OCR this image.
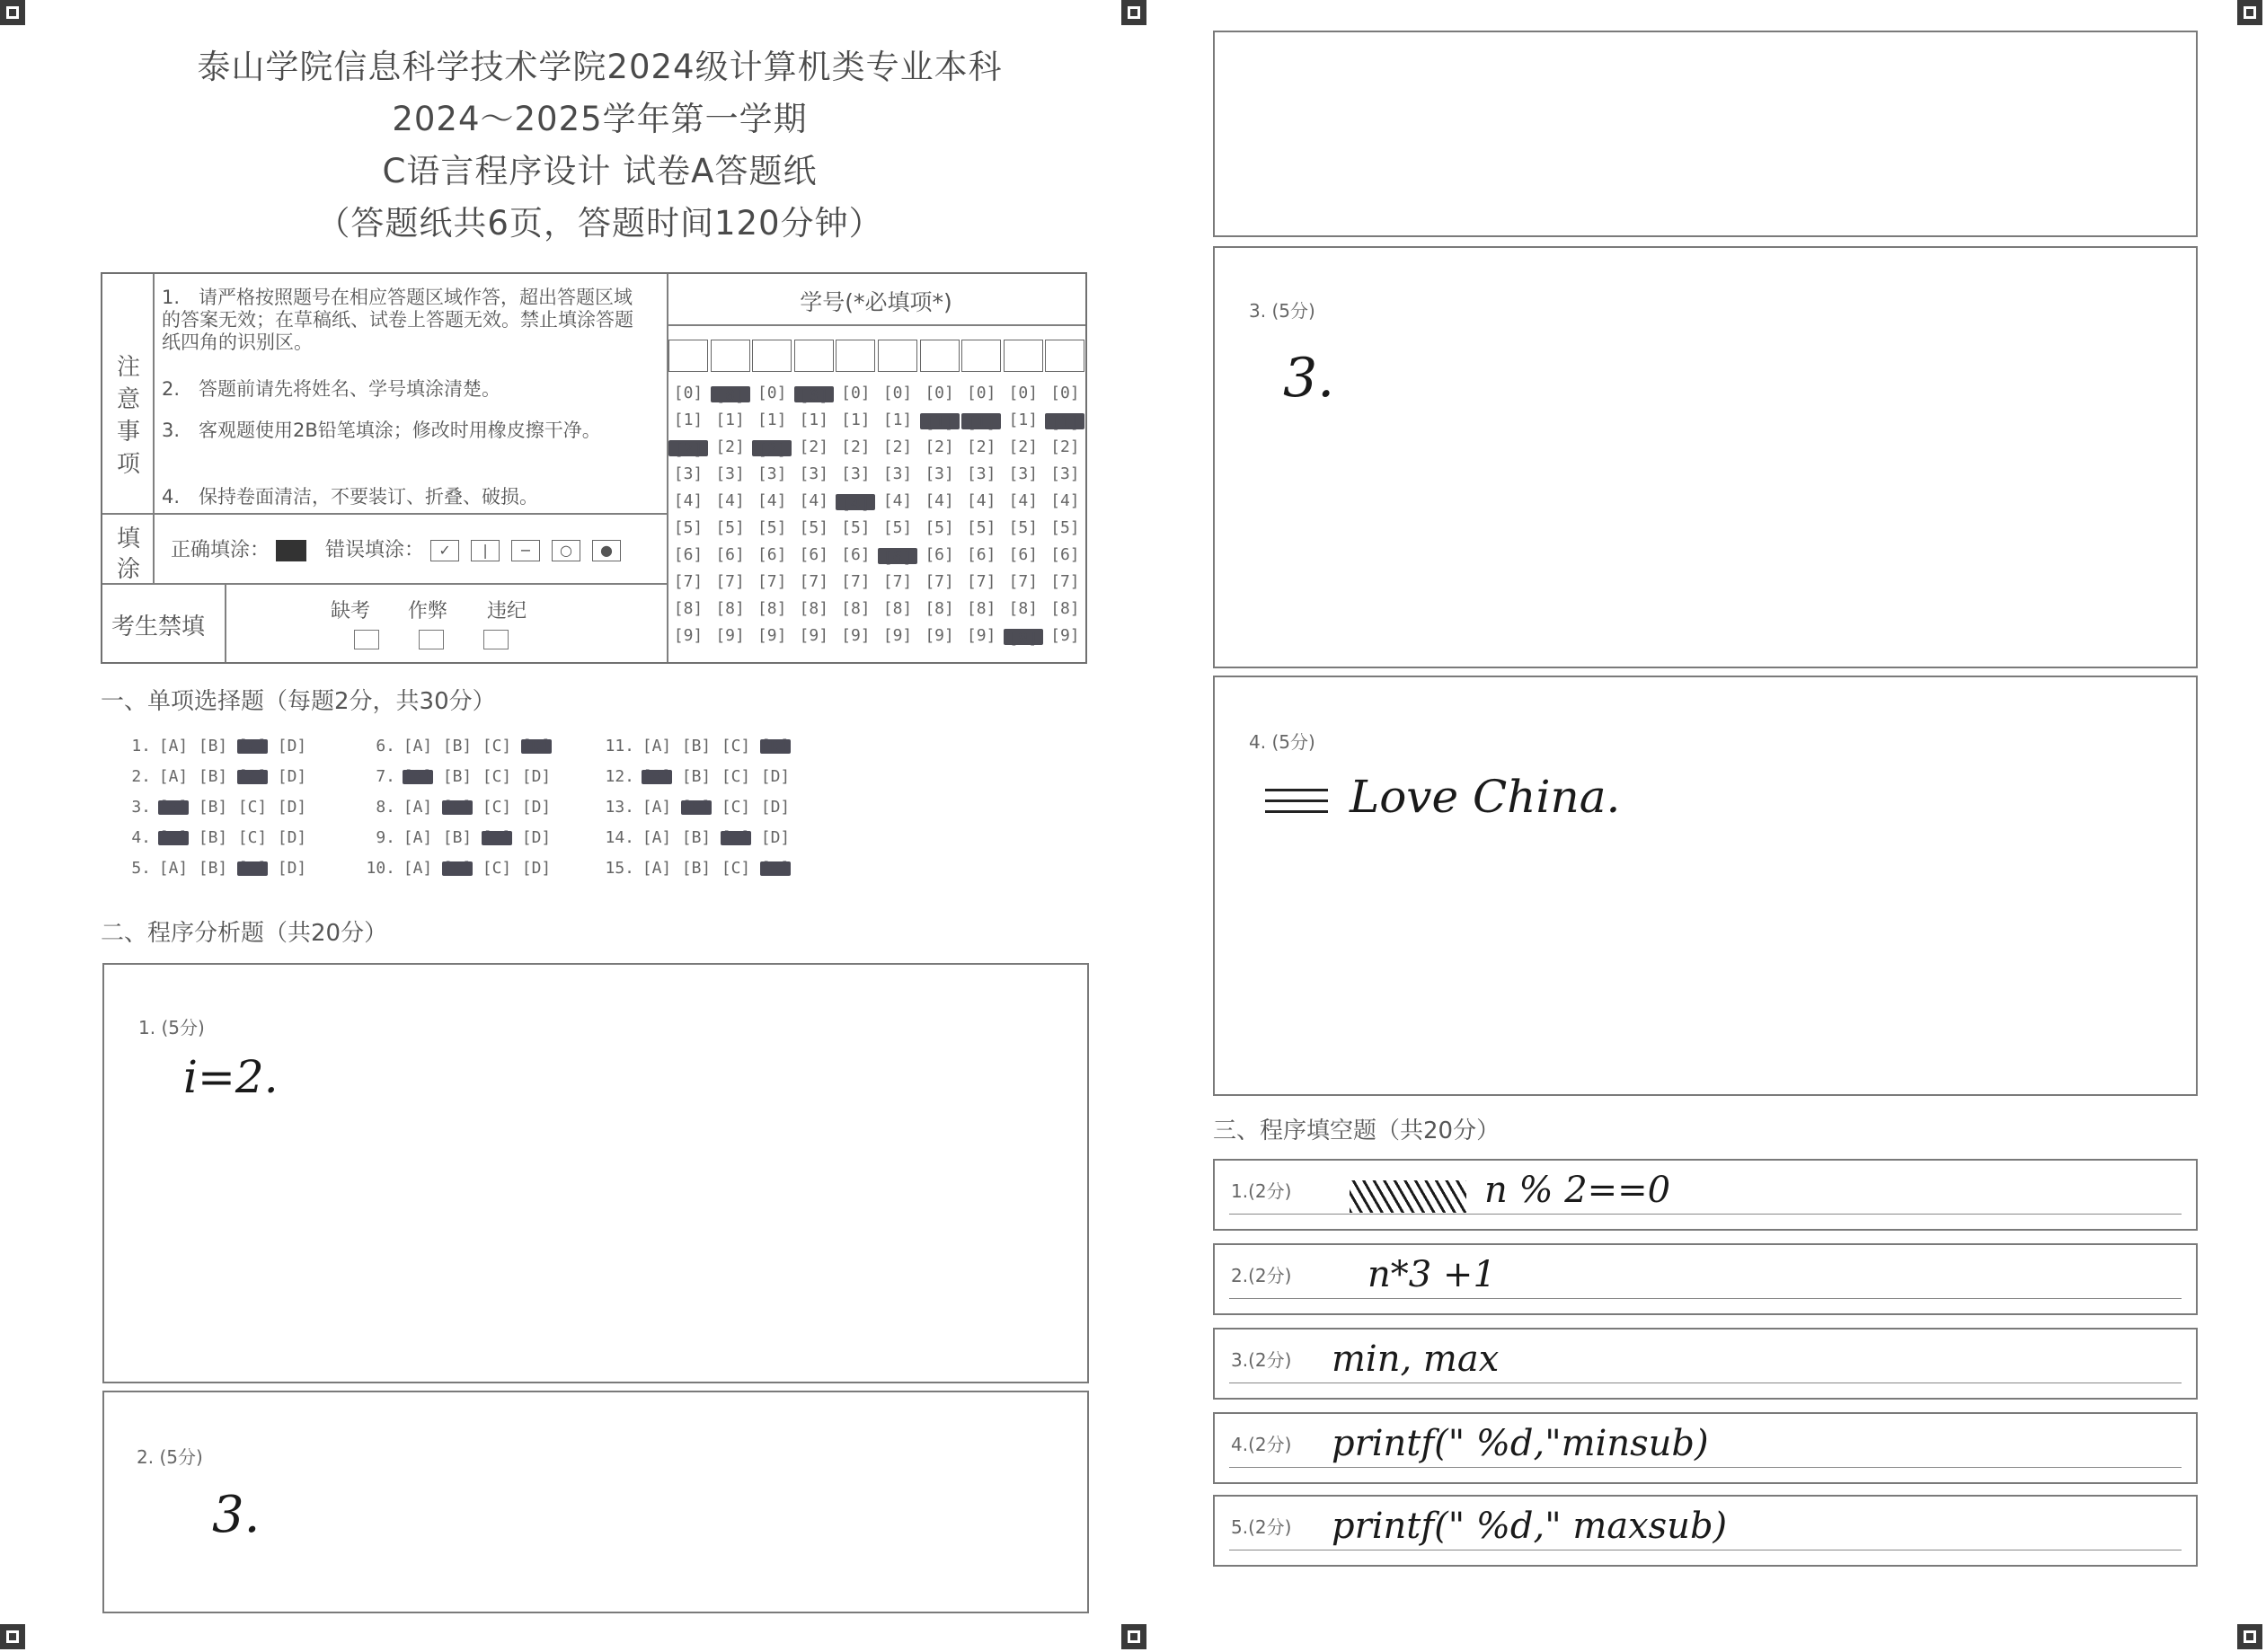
泰山学院信息科学技术学院2024级计算机类专业本科
2024～2025学年第一学期
C语言程序设计 试卷A答题纸
（答题纸共6页，答题时间120分钟）
注意事项
1.　请严格按照题号在相应答题区域作答，超出答题区域的答案无效；在草稿纸、试卷上答题无效。禁止填涂答题纸四角的识别区。
2.　答题前请先将姓名、学号填涂清楚。
3.　客观题使用2B铅笔填涂；修改时用橡皮擦干净。
4.　保持卷面清洁，不要装订、折叠、破损。
填涂
正确填涂：	错误填涂： ✓ | − ○ ●
考生禁填
缺考 作弊 违纪
学号(*必填项*)
[0]
[1]
[2]
[3]
[4]
[5]
[6]
[7]
[8]
[9]
[0]
[1]
[2]
[3]
[4]
[5]
[6]
[7]
[8]
[9]
[0]
[1]
[2]
[3]
[4]
[5]
[6]
[7]
[8]
[9]
[0]
[1]
[2]
[3]
[4]
[5]
[6]
[7]
[8]
[9]
[0]
[1]
[2]
[3]
[4]
[5]
[6]
[7]
[8]
[9]
[0]
[1]
[2]
[3]
[4]
[5]
[6]
[7]
[8]
[9]
[0]
[1]
[2]
[3]
[4]
[5]
[6]
[7]
[8]
[9]
[0]
[1]
[2]
[3]
[4]
[5]
[6]
[7]
[8]
[9]
[0]
[1]
[2]
[3]
[4]
[5]
[6]
[7]
[8]
[9]
[0]
[1]
[2]
[3]
[4]
[5]
[6]
[7]
[8]
[9]
一、单项选择题（每题2分，共30分）
1. [A] [B] [C] [D]
2. [A] [B] [C] [D]
3. [A] [B] [C] [D]
4. [A] [B] [C] [D]
5. [A] [B] [C] [D]
6. [A] [B] [C] [D]
7. [A] [B] [C] [D]
8. [A] [B] [C] [D]
9. [A] [B] [C] [D]
10. [A] [B] [C] [D]
11. [A] [B] [C] [D]
12. [A] [B] [C] [D]
13. [A] [B] [C] [D]
14. [A] [B] [C] [D]
15. [A] [B] [C] [D]
二、程序分析题（共20分）
1. (5分)
i=2.
2. (5分)
3.
3. (5分)
3.
4. (5分)
Love China.
三、程序填空题（共20分）
1.(2分)	n % 2==0
2.(2分) n*3 +1
3.(2分) min, max
4.(2分) printf(" %d,"minsub)
5.(2分) printf(" %d," maxsub)
